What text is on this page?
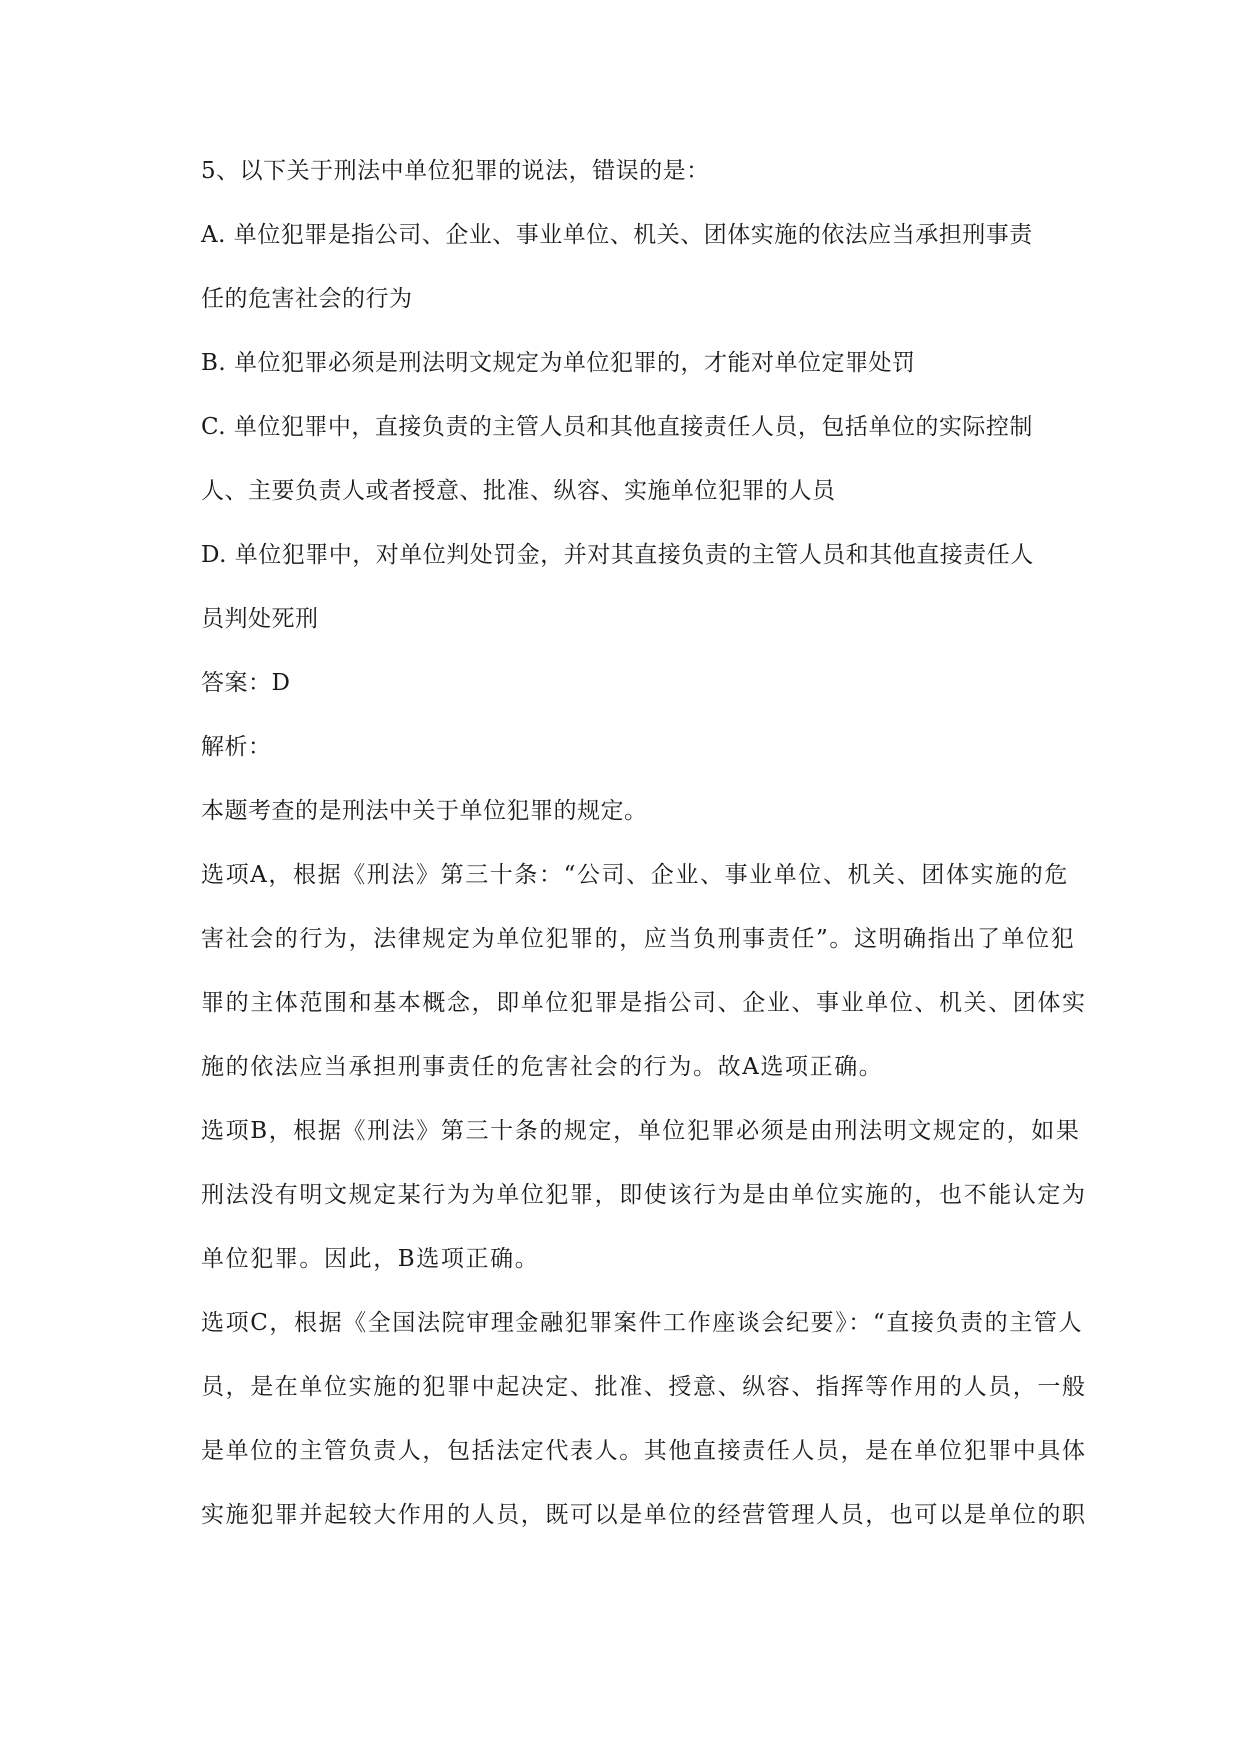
5、以下关于刑法中单位犯罪的说法，错误的是：
A. 单位犯罪是指公司、企业、事业单位、机关、团体实施的依法应当承担刑事责
任的危害社会的行为
B. 单位犯罪必须是刑法明文规定为单位犯罪的，才能对单位定罪处罚
C. 单位犯罪中，直接负责的主管人员和其他直接责任人员，包括单位的实际控制
人、主要负责人或者授意、批准、纵容、实施单位犯罪的人员
D. 单位犯罪中，对单位判处罚金，并对其直接负责的主管人员和其他直接责任人
员判处死刑
答案：D
解析：
本题考查的是刑法中关于单位犯罪的规定。
选项A，根据《刑法》第三十条：“公司、企业、事业单位、机关、团体实施的危
害社会的行为，法律规定为单位犯罪的，应当负刑事责任”。这明确指出了单位犯
罪的主体范围和基本概念，即单位犯罪是指公司、企业、事业单位、机关、团体实
施的依法应当承担刑事责任的危害社会的行为。故A选项正确。
选项B，根据《刑法》第三十条的规定，单位犯罪必须是由刑法明文规定的，如果
刑法没有明文规定某行为为单位犯罪，即使该行为是由单位实施的，也不能认定为
单位犯罪。因此，B选项正确。
选项C，根据《全国法院审理金融犯罪案件工作座谈会纪要》：“直接负责的主管人
员，是在单位实施的犯罪中起决定、批准、授意、纵容、指挥等作用的人员，一般
是单位的主管负责人，包括法定代表人。其他直接责任人员，是在单位犯罪中具体
实施犯罪并起较大作用的人员，既可以是单位的经营管理人员，也可以是单位的职
